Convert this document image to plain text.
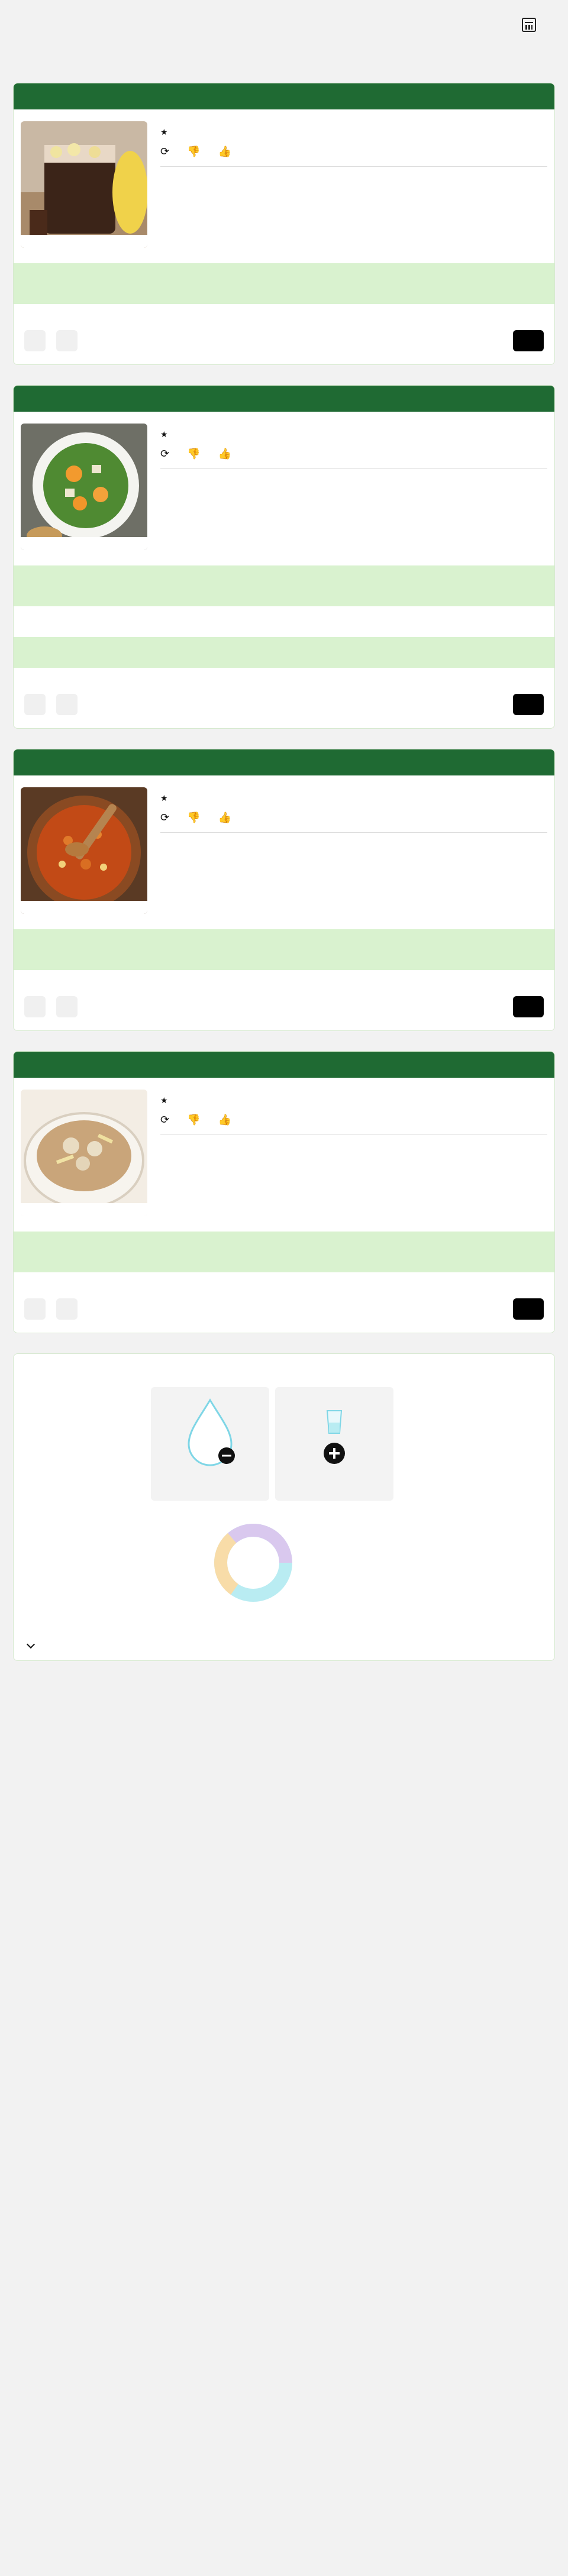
★
⟳ 👎 👍
★
⟳ 👎 👍
★
⟳ 👎 👍
★
⟳ 👎 👍
